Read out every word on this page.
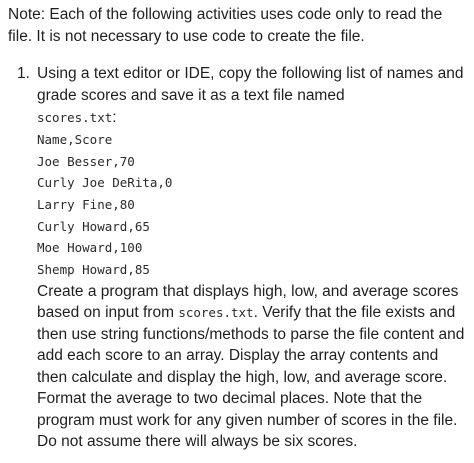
Note: Each of the following activities uses code only to read the file. It is not necessary to use code to create the file.

1. Using a text editor or IDE, copy the following list of names and grade scores and save it as a text file named
scores.txt:

Name,Score
Joe Besser,70
Curly Joe DeRita,0
Larry Fine,80
Curly Howard,65
Moe Howard,100
Shemp Howard,85

Create a program that displays high, low, and average scores based on input from scores.txt. Verify that the file exists and then use string functions/methods to parse the file content and add each score to an array. Display the array contents and then calculate and display the high, low, and average score. Format the average to two decimal places. Note that the program must work for any given number of scores in the file. Do not assume there will always be six scores.
